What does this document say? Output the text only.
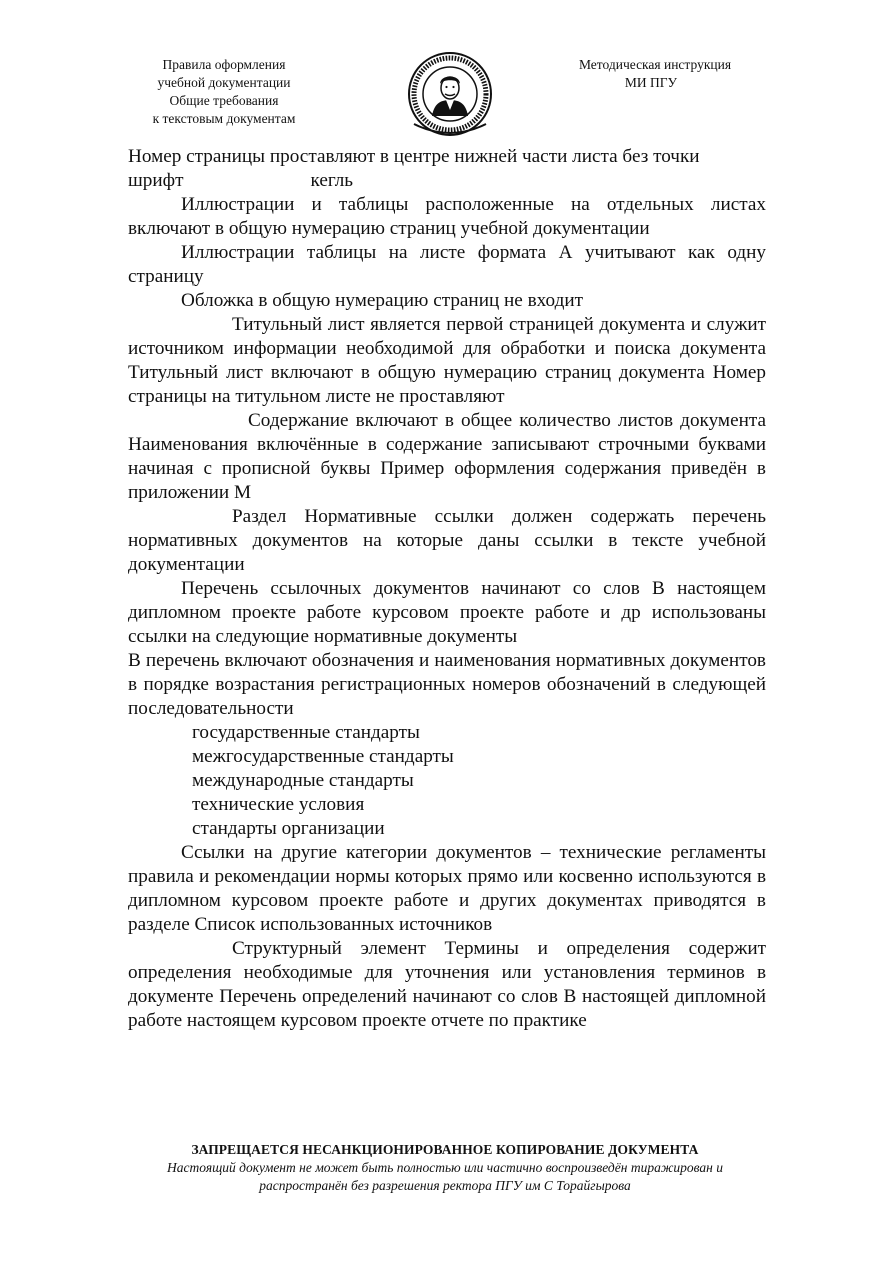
Правила оформления
учебной документации
Общие требования
к текстовым документам
Методическая инструкция
МИ ПГУ

Номер страницы проставляют в центре нижней части листа без точки

шрифт	кегль

Иллюстрации и таблицы расположенные на отдельных листах включают в общую нумерацию страниц учебной документации

Иллюстрации таблицы на листе формата А учитывают как одну страницу

Обложка в общую нумерацию страниц не входит

Титульный лист является первой страницей документа и служит источником информации необходимой для обработки и поиска документа Титульный лист включают в общую нумерацию страниц документа Номер страницы на титульном листе не проставляют

Содержание включают в общее количество листов документа Наименования включённые в содержание записывают строчными буквами начиная с прописной буквы Пример оформления содержания приведён в приложении М

Раздел Нормативные ссылки должен содержать перечень нормативных документов на которые даны ссылки в тексте учебной документации

Перечень ссылочных документов начинают со слов В настоящем дипломном проекте работе курсовом проекте работе и др использованы ссылки на следующие нормативные документы

В перечень включают обозначения и наименования нормативных документов в порядке возрастания регистрационных номеров обозначений в следующей последовательности

государственные стандарты

межгосударственные стандарты

международные стандарты

технические условия

стандарты организации

Ссылки на другие категории документов – технические регламенты правила и рекомендации нормы которых прямо или косвенно используются в дипломном курсовом проекте работе и других документах приводятся в разделе Список использованных источников

Структурный элемент Термины и определения содержит определения необходимые для уточнения или установления терминов в документе Перечень определений начинают со слов В настоящей дипломной работе настоящем курсовом проекте отчете по практике

ЗАПРЕЩАЕТСЯ НЕСАНКЦИОНИРОВАННОЕ КОПИРОВАНИЕ ДОКУМЕНТА
Настоящий документ не может быть полностью или частично воспроизведён тиражирован и
распространён без разрешения ректора ПГУ им С Торайгырова
